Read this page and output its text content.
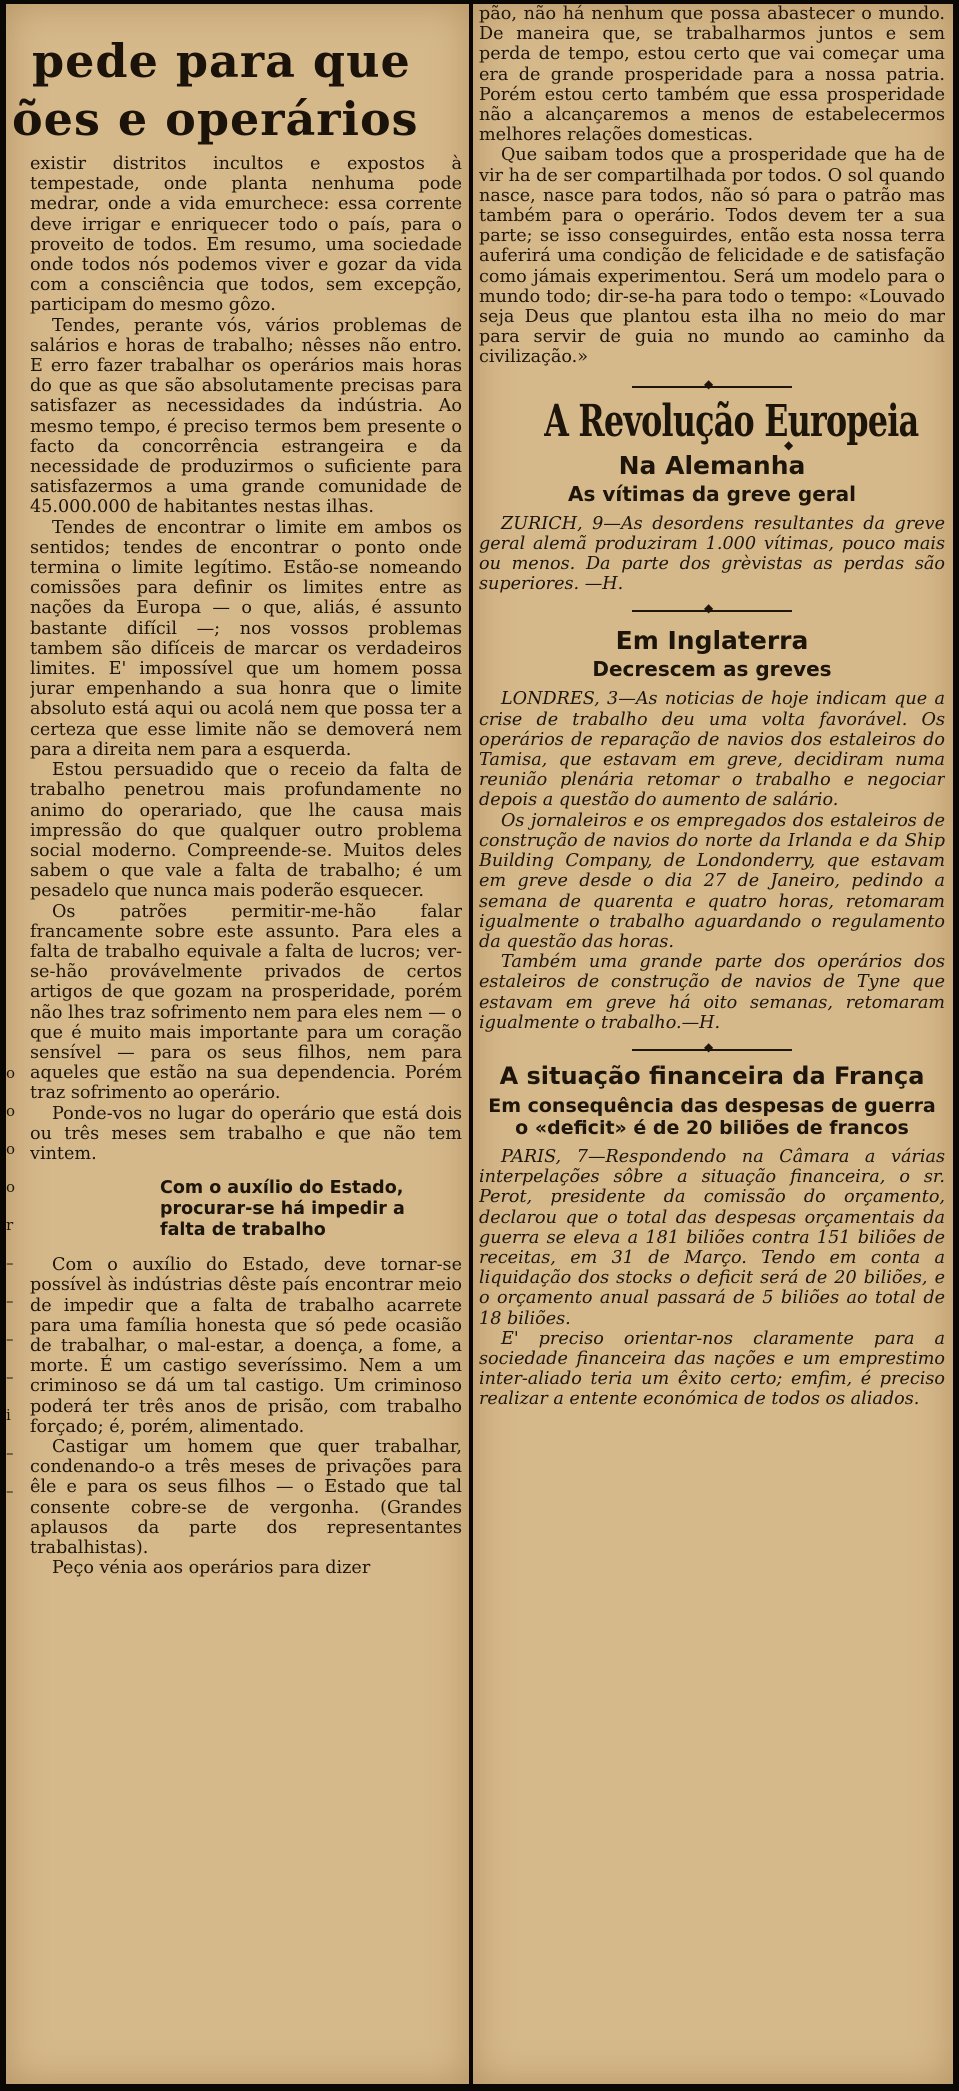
pede para que
ões e operários
o
o
o
o
r
–
–
–
–
i
–
–

existir distritos incultos e expostos à tempestade, onde planta nenhuma pode medrar, onde a vida emurchece: essa corrente deve irrigar e enriquecer todo o país, para o proveito de todos. Em resumo, uma sociedade onde todos nós podemos viver e gozar da vida com a consciência que todos, sem excepção, participam do mesmo gôzo.

Tendes, perante vós, vários problemas de salários e horas de trabalho; nêsses não entro. E erro fazer trabalhar os operários mais horas do que as que são absolutamente precisas para satisfazer as necessidades da indústria. Ao mesmo tempo, é preciso termos bem presente o facto da concorrência estrangeira e da necessidade de produzirmos o suficiente para satisfazermos a uma grande comunidade de 45.000.000 de habitantes nestas ilhas.

Tendes de encontrar o limite em ambos os sentidos; tendes de encontrar o ponto onde termina o limite legítimo. Estão-se nomeando comissões para definir os limites entre as nações da Europa — o que, aliás, é assunto bastante difícil —; nos vossos problemas tambem são difíceis de marcar os verdadeiros limites. E' impossível que um homem possa jurar empenhando a sua honra que o limite absoluto está aqui ou acolá nem que possa ter a certeza que esse limite não se demoverá nem para a direita nem para a esquerda.

Estou persuadido que o receio da falta de trabalho penetrou mais profundamente no animo do operariado, que lhe causa mais impressão do que qualquer outro problema social moderno. Compreende-se. Muitos deles sabem o que vale a falta de trabalho; é um pesadelo que nunca mais poderão esquecer.

Os patrões permitir-me-hão falar francamente sobre este assunto. Para eles a falta de trabalho equivale a falta de lucros; ver-se-hão provávelmente privados de certos artigos de que gozam na prosperidade, porém não lhes traz sofrimento nem para eles nem — o que é muito mais importante para um coração sensível — para os seus filhos, nem para aqueles que estão na sua dependencia. Porém traz sofrimento ao operário.

Ponde-vos no lugar do operário que está dois ou três meses sem trabalho e que não tem vintem.

Com o auxílio do Estado, procurar-se há impedir a falta de trabalho

Com o auxílio do Estado, deve tornar-se possível às indústrias dêste país encontrar meio de impedir que a falta de trabalho acarrete para uma família honesta que só pede ocasião de trabalhar, o mal-estar, a doença, a fome, a morte. É um castigo severíssimo. Nem a um criminoso se dá um tal castigo. Um criminoso poderá ter três anos de prisão, com trabalho forçado; é, porém, alimentado.

Castigar um homem que quer trabalhar, condenando-o a três meses de privações para êle e para os seus filhos — o Estado que tal consente cobre-se de vergonha. (Grandes aplausos da parte dos representantes trabalhistas).

Peço vénia aos operários para dizer

pão, não há nenhum que possa abastecer o mundo. De maneira que, se trabalharmos juntos e sem perda de tempo, estou certo que vai começar uma era de grande prosperidade para a nossa patria. Porém estou certo também que essa prosperidade não a alcançaremos a menos de estabelecermos melhores relações domesticas.

Que saibam todos que a prosperidade que ha de vir ha de ser compartilhada por todos. O sol quando nasce, nasce para todos, não só para o patrão mas também para o operário. Todos devem ter a sua parte; se isso conseguirdes, então esta nossa terra auferirá uma condição de felicidade e de satisfação como jámais experimentou. Será um modelo para o mundo todo; dir-se-ha para todo o tempo: «Louvado seja Deus que plantou esta ilha no meio do mar para servir de guia no mundo ao caminho da civilização.»

◆
A Revolução Europeia
Na Alemanha
As vítimas da greve geral

ZURICH, 9—As desordens resultantes da greve geral alemã produziram 1.000 vítimas, pouco mais ou menos. Da parte dos grèvistas as perdas são superiores. —H.

◆
Em Inglaterra
Decrescem as greves

LONDRES, 3—As noticias de hoje indicam que a crise de trabalho deu uma volta favorável. Os operários de reparação de navios dos estaleiros do Tamisa, que estavam em greve, decidiram numa reunião plenária retomar o trabalho e negociar depois a questão do aumento de salário.

Os jornaleiros e os empregados dos estaleiros de construção de navios do norte da Irlanda e da Ship Building Company, de Londonderry, que estavam em greve desde o dia 27 de Janeiro, pedindo a semana de quarenta e quatro horas, retomaram igualmente o trabalho aguardando o regulamento da questão das horas.

Também uma grande parte dos operários dos estaleiros de construção de navios de Tyne que estavam em greve há oito semanas, retomaram igualmente o trabalho.—H.

◆
A situação financeira da França
Em consequência das despesas de guerra o «deficit» é de 20 biliões de francos

PARIS, 7—Respondendo na Câmara a várias interpelações sôbre a situação financeira, o sr. Perot, presidente da comissão do orçamento, declarou que o total das despesas orçamentais da guerra se eleva a 181 biliões contra 151 biliões de receitas, em 31 de Março. Tendo em conta a liquidação dos stocks o deficit será de 20 biliões, e o orçamento anual passará de 5 biliões ao total de 18 biliões.

E' preciso orientar-nos claramente para a sociedade financeira das nações e um emprestimo inter-aliado teria um êxito certo; emfim, é preciso realizar a entente económica de todos os aliados.
